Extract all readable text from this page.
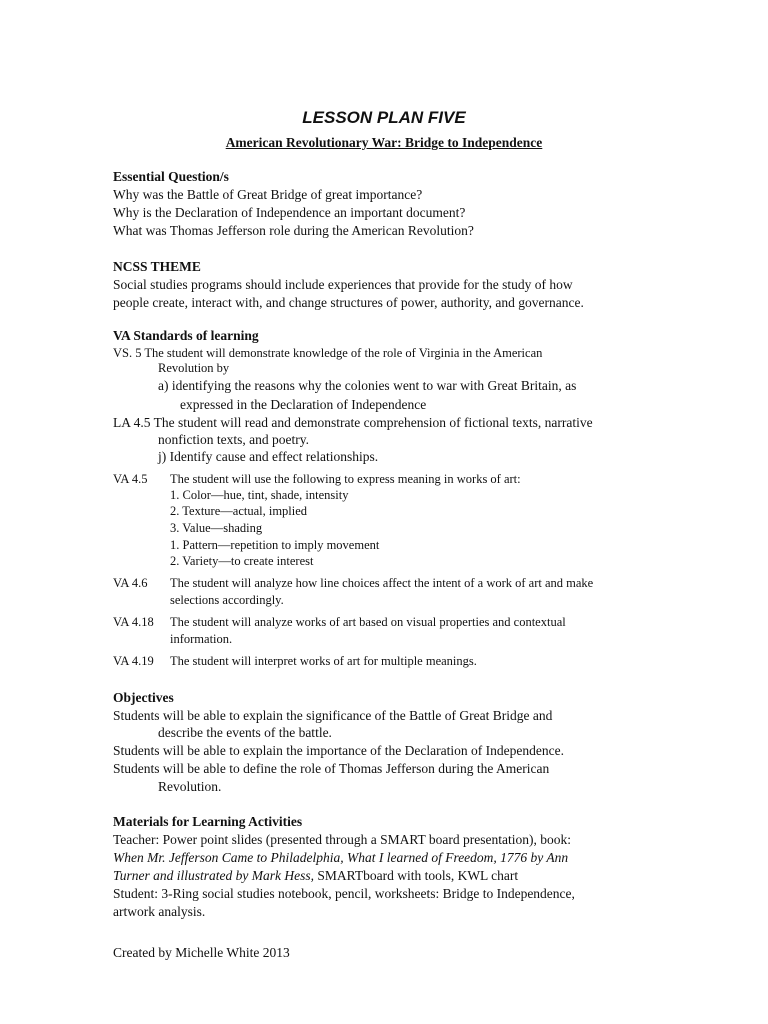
LESSON PLAN FIVE
American Revolutionary War: Bridge to Independence
Essential Question/s
Why was the Battle of Great Bridge of great importance?
Why is the Declaration of Independence an important document?
What was Thomas Jefferson role during the American Revolution?
NCSS THEME
Social studies programs should include experiences that provide for the study of how
people create, interact with, and change structures of power, authority, and governance.
VA Standards of learning
VS. 5 The student will demonstrate knowledge of the role of Virginia in the American
Revolution by
a) identifying the reasons why the colonies went to war with Great Britain, as
expressed in the Declaration of Independence
LA 4.5 The student will read and demonstrate comprehension of fictional texts, narrative
nonfiction texts, and poetry.
j) Identify cause and effect relationships.
VA 4.5 The student will use the following to express meaning in works of art:
1. Color—hue, tint, shade, intensity
2. Texture—actual, implied
3. Value—shading
1. Pattern—repetition to imply movement
2. Variety—to create interest
VA 4.6 The student will analyze how line choices affect the intent of a work of art and make
selections accordingly.
VA 4.18 The student will analyze works of art based on visual properties and contextual
information.
VA 4.19 The student will interpret works of art for multiple meanings.
Objectives
Students will be able to explain the significance of the Battle of Great Bridge and
describe the events of the battle.
Students will be able to explain the importance of the Declaration of Independence.
Students will be able to define the role of Thomas Jefferson during the American
Revolution.
Materials for Learning Activities
Teacher: Power point slides (presented through a SMART board presentation), book:
When Mr. Jefferson Came to Philadelphia, What I learned of Freedom, 1776 by Ann
Turner and illustrated by Mark Hess, SMARTboard with tools, KWL chart
Student: 3-Ring social studies notebook, pencil, worksheets: Bridge to Independence,
artwork analysis.
Created by Michelle White 2013
